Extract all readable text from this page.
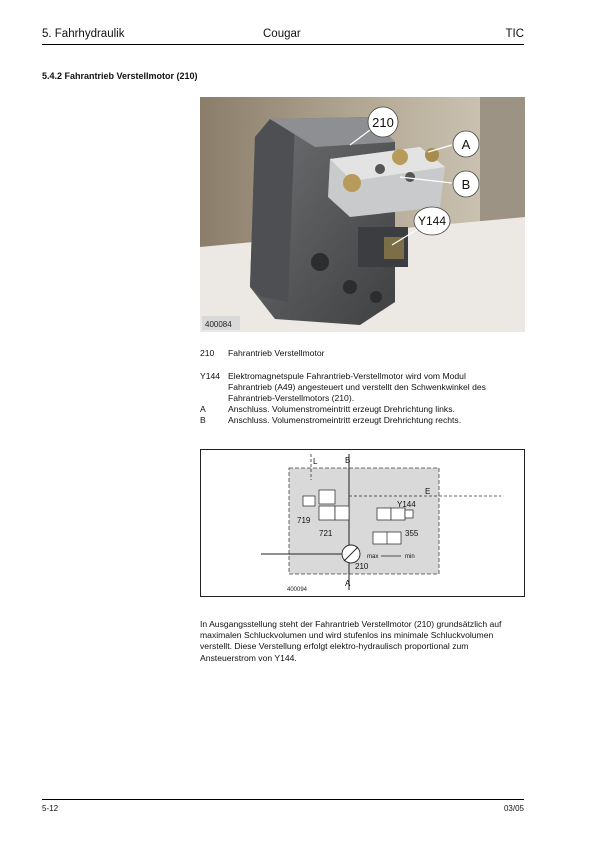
5. Fahrhydraulik	Cougar	TIC
5.4.2 Fahrantrieb Verstellmotor (210)
210
A
B
Y144
400084
210 Fahrantrieb Verstellmotor
Y144 Elektromagnetspule Fahrantrieb-Verstellmotor wird vom Modul Fahrantrieb (A49) angesteuert und verstellt den Schwenkwinkel des Fahrantrieb-Verstellmotors (210).
A	Anschluss. Volumenstromeintritt erzeugt Drehrichtung links.
B	Anschluss. Volumenstromeintritt erzeugt Drehrichtung rechts.
L	B
E
719
721
Y144
355
210
max	min
A
400094
In Ausgangsstellung steht der Fahrantrieb Verstellmotor (210) grundsätzlich auf maximalen Schluckvolumen und wird stufenlos ins minimale Schluckvolumen verstellt. Diese Verstellung erfolgt elektro-hydraulisch proportional zum Ansteuerstrom von Y144.
5-12	03/05
